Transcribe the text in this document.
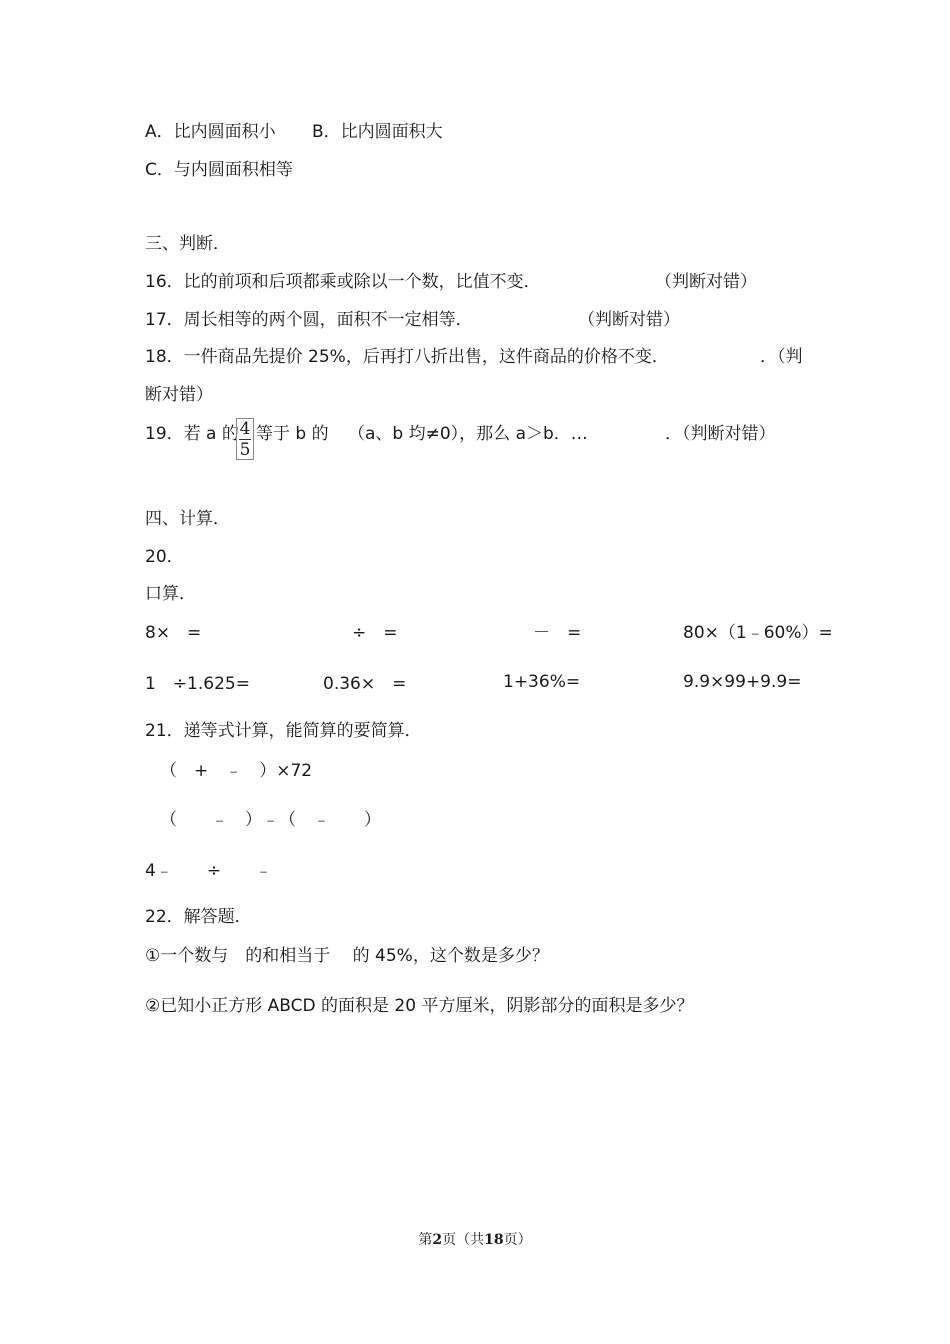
A．比内圆面积小 B．比内圆面积大
C．与内圆面积相等
三、判断．
16．比的前项和后项都乘或除以一个数，比值不变．	（判断对错）
17．周长相等的两个圆，面积不一定相等．	（判断对错）
18．一件商品先提价 25%，后再打八折出售，这件商品的价格不变．	．（判
断对错）
19．若 a 的 4
5
等于 b 的 （a、b 均≠0），那么 a＞b．…	．（判断对错）
四、计算．
20．
口算．
8×　=	÷　=	－　=	80×（1﹣60%）=
1　÷1.625=	0.36×　=	1+36%=	9.9×99+9.9=
21．递等式计算，能简算的要简算．
（　+　﹣　）×72
（　　﹣　）﹣（　﹣　　）
4﹣　　÷　　﹣
22．解答题．
①一个数与　的和相当于　 的 45%，这个数是多少？
②已知小正方形 ABCD 的面积是 20 平方厘米，阴影部分的面积是多少？
第2页（共18页）
